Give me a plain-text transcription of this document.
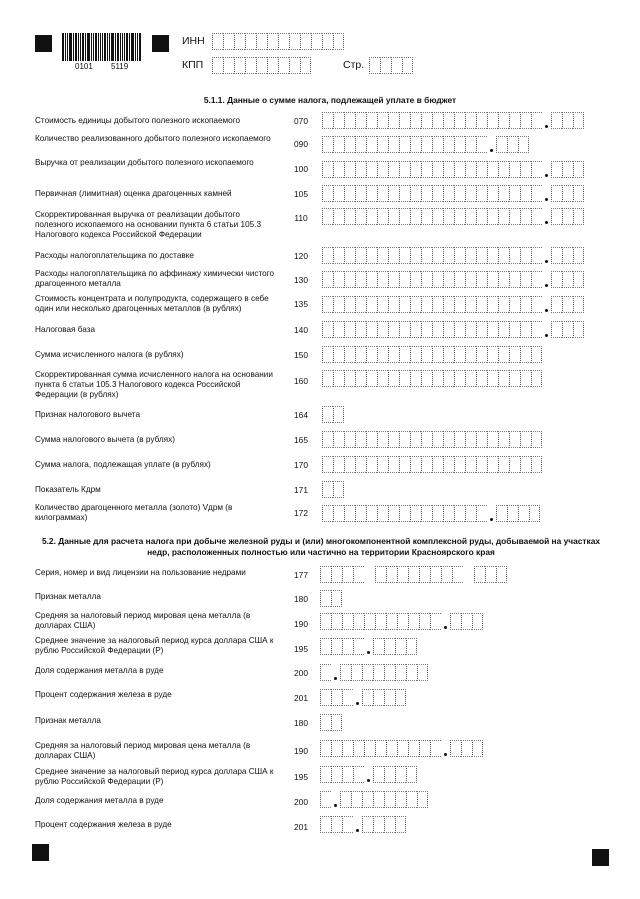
0101 5119
ИНН
КПП	Стр.
5.1.1. Данные о сумме налога, подлежащей уплате в бюджет
Стоимость единицы добытого полезного ископаемого	070
Количество реализованного добытого полезного ископаемого
090
Выручка от реализации добытого полезного ископаемого
100
Первичная (лимитная) оценка драгоценных камней	105
Скорректированная выручка от реализации добытого полезного ископаемого на основании пункта 6 статьи 105.3 Налогового кодекса Российской Федерации
110
Расходы налогоплательщика по доставке	120
Расходы налогоплательщика по аффинажу химически чистого драгоценного металла	130
Стоимость концентрата и полупродукта, содержащего в себе один или несколько драгоценных металлов (в рублях)	135
Налоговая база	140
Сумма исчисленного налога (в рублях)	150
Скорректированная сумма исчисленного налога на основании пункта 6 статьи 105.3 Налогового кодекса Российской Федерации (в рублях)
160
Признак налогового вычета	164
Сумма налогового вычета (в рублях)	165
Сумма налога, подлежащая уплате (в рублях)	170
Показатель Кдрм	171
Количество драгоценного металла (золото) Vдрм (в килограммах)	172
5.2. Данные для расчета налога при добыче железной руды и (или) многокомпонентной комплексной руды, добываемой на участках недр, расположенных полностью или частично на территории Красноярского края
Серия, номер и вид лицензии на пользование недрами	177
Признак металла	180
Средняя за налоговый период мировая цена металла (в долларах США)	190
Среднее значение за налоговый период курса доллара США к рублю Российской Федерации (Р)	195
Доля содержания металла в руде	200
Процент содержания железа в руде	201
Признак металла	180
Средняя за налоговый период мировая цена металла (в долларах США)	190
Среднее значение за налоговый период курса доллара США к рублю Российской Федерации (Р)	195
Доля содержания металла в руде	200
Процент содержания железа в руде	201
